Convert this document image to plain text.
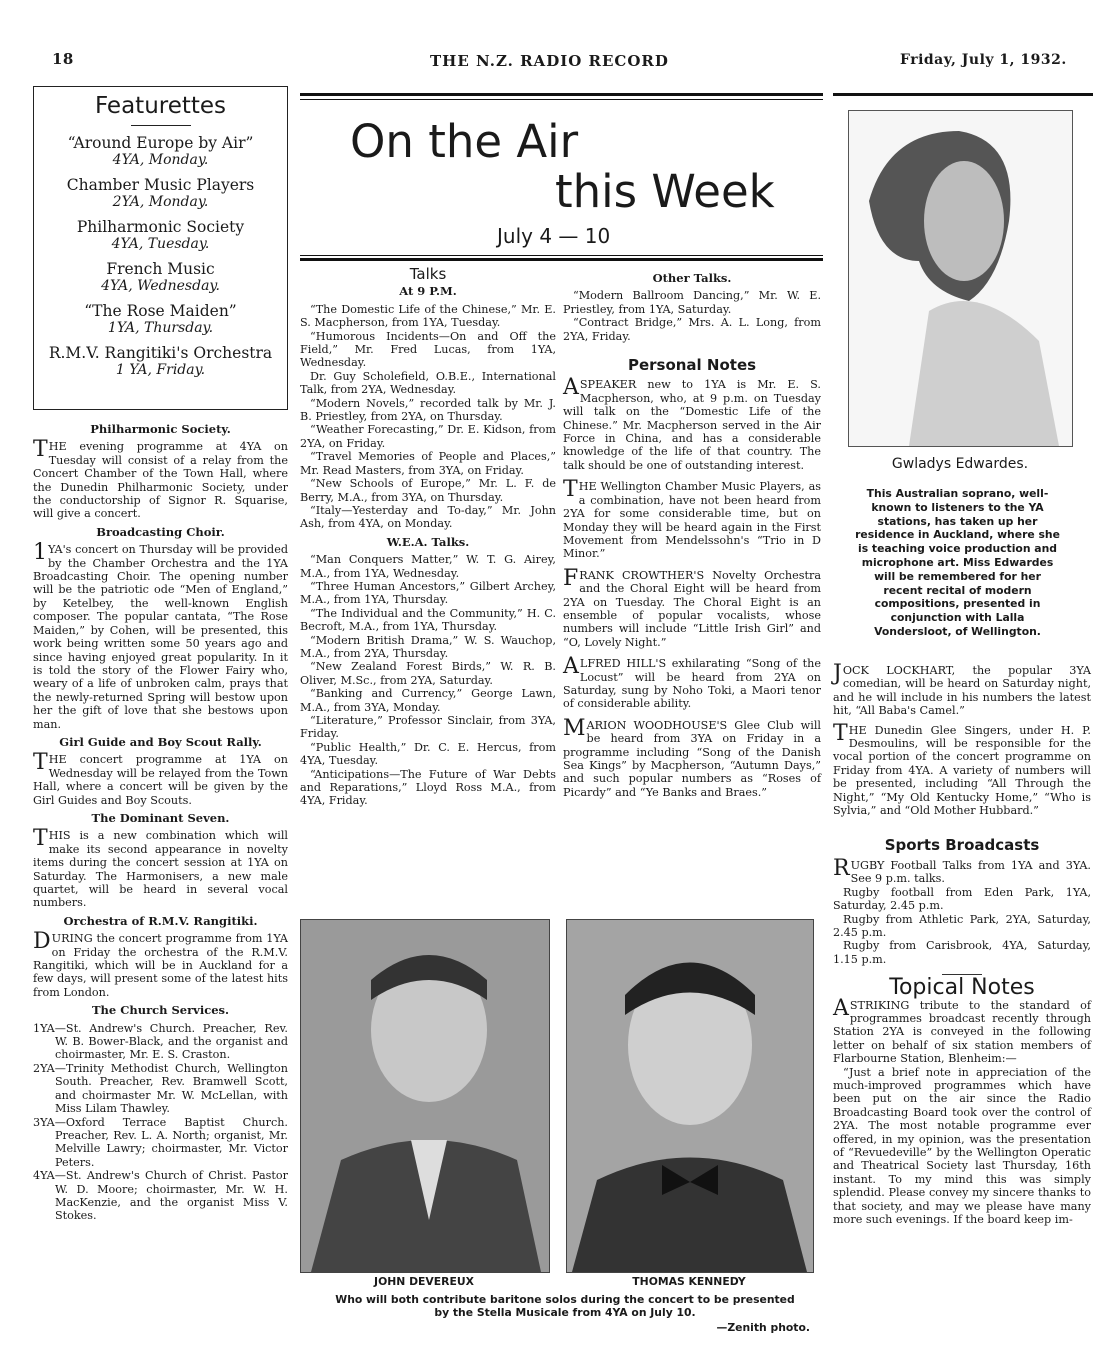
18	THE N.Z. RADIO RECORD	Friday, July 1, 1932.
Featurettes
“Around Europe by Air”
4YA, Monday.
Chamber Music Players
2YA, Monday.
Philharmonic Society
4YA, Tuesday.
French Music
4YA, Wednesday.
“The Rose Maiden”
1YA, Thursday.
R.M.V. Rangitiki's Orchestra
1 YA, Friday.
Philharmonic Society.

THE evening programme at 4YA on Tuesday will consist of a relay from the Concert Chamber of the Town Hall, where the Dunedin Philharmonic Society, under the conductorship of Signor R. Squarise, will give a concert.

Broadcasting Choir.

1YA's concert on Thursday will be provided by the Chamber Orchestra and the 1YA Broadcasting Choir. The opening number will be the patriotic ode “Men of England,” by Ketelbey, the well-known English composer. The popular cantata, “The Rose Maiden,” by Cohen, will be presented, this work being written some 50 years ago and since having enjoyed great popularity. In it is told the story of the Flower Fairy who, weary of a life of unbroken calm, prays that the newly-returned Spring will bestow upon her the gift of love that she bestows upon man.

Girl Guide and Boy Scout Rally.

THE concert programme at 1YA on Wednesday will be relayed from the Town Hall, where a concert will be given by the Girl Guides and Boy Scouts.

The Dominant Seven.

THIS is a new combination which will make its second appearance in novelty items during the concert session at 1YA on Saturday. The Harmonisers, a new male quartet, will be heard in several vocal numbers.

Orchestra of R.M.V. Rangitiki.

DURING the concert programme from 1YA on Friday the orchestra of the R.M.V. Rangitiki, which will be in Auckland for a few days, will present some of the latest hits from London.

The Church Services.

1YA—St. Andrew's Church. Preacher, Rev. W. B. Bower-Black, and the organist and choirmaster, Mr. E. S. Craston.

2YA—Trinity Methodist Church, Wellington South. Preacher, Rev. Bramwell Scott, and choirmaster Mr. W. McLellan, with Miss Lilam Thawley.

3YA—Oxford Terrace Baptist Church. Preacher, Rev. L. A. North; organist, Mr. Melville Lawry; choirmaster, Mr. Victor Peters.

4YA—St. Andrew's Church of Christ. Pastor W. D. Moore; choirmaster, Mr. W. H. MacKenzie, and the organist Miss V. Stokes.

On the Air
this Week
July 4 — 10
Talks
At 9 P.M.

“The Domestic Life of the Chinese,” Mr. E. S. Macpherson, from 1YA, Tuesday.

“Humorous Incidents—On and Off the Field,” Mr. Fred Lucas, from 1YA, Wednesday.

Dr. Guy Scholefield, O.B.E., International Talk, from 2YA, Wednesday.

“Modern Novels,” recorded talk by Mr. J. B. Priestley, from 2YA, on Thursday.

“Weather Forecasting,” Dr. E. Kidson, from 2YA, on Friday.

“Travel Memories of People and Places,” Mr. Read Masters, from 3YA, on Friday.

“New Schools of Europe,” Mr. L. F. de Berry, M.A., from 3YA, on Thursday.

“Italy—Yesterday and To-day,” Mr. John Ash, from 4YA, on Monday.

W.E.A. Talks.

“Man Conquers Matter,” W. T. G. Airey, M.A., from 1YA, Wednesday.

“Three Human Ancestors,” Gilbert Archey, M.A., from 1YA, Thursday.

“The Individual and the Community,” H. C. Becroft, M.A., from 1YA, Thursday.

“Modern British Drama,” W. S. Wauchop, M.A., from 2YA, Thursday.

“New Zealand Forest Birds,” W. R. B. Oliver, M.Sc., from 2YA, Saturday.

“Banking and Currency,” George Lawn, M.A., from 3YA, Monday.

“Literature,” Professor Sinclair, from 3YA, Friday.

“Public Health,” Dr. C. E. Hercus, from 4YA, Tuesday.

“Anticipations—The Future of War Debts and Reparations,” Lloyd Ross M.A., from 4YA, Friday.

Other Talks.

“Modern Ballroom Dancing,” Mr. W. E. Priestley, from 1YA, Saturday.

“Contract Bridge,” Mrs. A. L. Long, from 2YA, Friday.

Personal Notes

ASPEAKER new to 1YA is Mr. E. S. Macpherson, who, at 9 p.m. on Tuesday will talk on the “Domestic Life of the Chinese.” Mr. Macpherson served in the Air Force in China, and has a considerable knowledge of the life of that country. The talk should be one of outstanding interest.

THE Wellington Chamber Music Players, as a combination, have not been heard from 2YA for some considerable time, but on Monday they will be heard again in the First Movement from Mendelssohn's “Trio in D Minor.”

FRANK CROWTHER'S Novelty Orchestra and the Choral Eight will be heard from 2YA on Tuesday. The Choral Eight is an ensemble of popular vocalists, whose numbers will include “Little Irish Girl” and “O, Lovely Night.”

ALFRED HILL'S exhilarating “Song of the Locust” will be heard from 2YA on Saturday, sung by Noho Toki, a Maori tenor of considerable ability.

MARION WOODHOUSE'S Glee Club will be heard from 3YA on Friday in a programme including “Song of the Danish Sea Kings” by Macpherson, “Autumn Days,” and such popular numbers as “Roses of Picardy” and “Ye Banks and Braes.”

JOHN DEVEREUX	THOMAS KENNEDY
Who will both contribute baritone solos during the concert to be presented by the Stella Musicale from 4YA on July 10.
—Zenith photo.
Gwladys Edwardes.
This Australian soprano, well-known to listeners to the YA stations, has taken up her residence in Auckland, where she is teaching voice production and microphone art. Miss Edwardes will be remembered for her recent recital of modern compositions, presented in conjunction with Lalla Vondersloot, of Wellington.

JOCK LOCKHART, the popular 3YA comedian, will be heard on Saturday night, and he will include in his numbers the latest hit, “All Baba's Camel.”

THE Dunedin Glee Singers, under H. P. Desmoulins, will be responsible for the vocal portion of the concert programme on Friday from 4YA. A variety of numbers will be presented, including “All Through the Night,” “My Old Kentucky Home,” “Who is Sylvia,” and “Old Mother Hubbard.”

Sports Broadcasts

RUGBY Football Talks from 1YA and 3YA. See 9 p.m. talks.

Rugby football from Eden Park, 1YA, Saturday, 2.45 p.m.

Rugby from Athletic Park, 2YA, Saturday, 2.45 p.m.

Rugby from Carisbrook, 4YA, Saturday, 1.15 p.m.

Topical Notes

ASTRIKING tribute to the standard of programmes broadcast recently through Station 2YA is conveyed in the following letter on behalf of six station members of Flarbourne Station, Blenheim:—

“Just a brief note in appreciation of the much-improved programmes which have been put on the air since the Radio Broadcasting Board took over the control of 2YA. The most notable programme ever offered, in my opinion, was the presentation of “Revuedeville” by the Wellington Operatic and Theatrical Society last Thursday, 16th instant. To my mind this was simply splendid. Please convey my sincere thanks to that society, and may we please have many more such evenings. If the board keep im-
